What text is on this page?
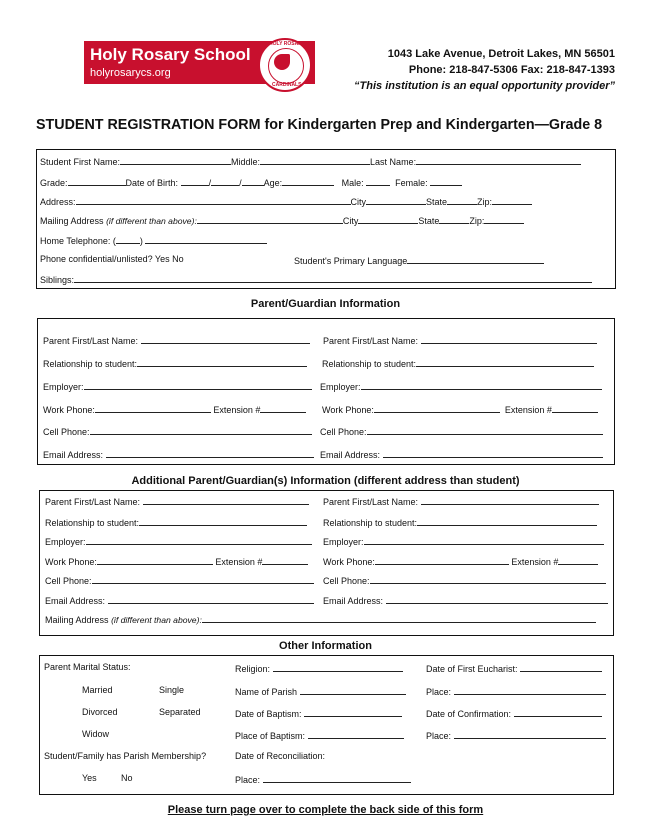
Holy Rosary School
holyrosarycs.org
HOLY ROSARY
CARDINALS
1043 Lake Avenue, Detroit Lakes, MN 56501
Phone: 218-847-5306 Fax: 218-847-1393
“This institution is an equal opportunity provider”
STUDENT REGISTRATION FORM for Kindergarten Prep and Kindergarten—Grade 8
Student First Name:	Middle:	Last Name:
Grade:	Date of Birth:	/	/ Age:	Male:	Female:
Address:	City	State	Zip:
Mailing Address (if different than above):	City	State	Zip:
Home Telephone: (	)
Phone confidential/unlisted? Yes No	Student's Primary Language
Siblings:
Parent/Guardian Information
Parent First/Last Name:	Parent First/Last Name:
Relationship to student:	Relationship to student:
Employer:	Employer:
Work Phone:	Extension #	Work Phone:	Extension #
Cell Phone:	Cell Phone:
Email Address:	Email Address:
Additional Parent/Guardian(s) Information (different address than student)
Parent First/Last Name:	Parent First/Last Name:
Relationship to student:	Relationship to student:
Employer:	Employer:
Work Phone:	Extension #	Work Phone:	Extension #
Cell Phone:	Cell Phone:
Email Address:	Email Address:
Mailing Address (if different than above):
Other Information
Parent Marital Status:
Married	Single
Divorced	Separated
Widow
Student/Family has Parish Membership?
Yes	No
Religion:
Name of Parish
Date of Baptism:
Place of Baptism:
Date of Reconciliation:
Place:
Date of First Eucharist:
Place:
Date of Confirmation:
Place:
Please turn page over to complete the back side of this form
